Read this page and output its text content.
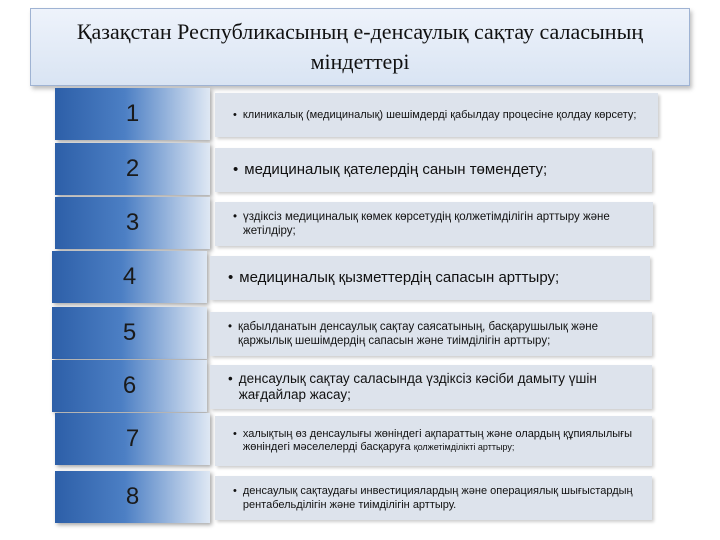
Қазақстан Республикасының е-денсаулық сақтау саласының
міндеттері
1	• клиникалық (медициналық) шешімдерді қабылдау процесіне қолдау көрсету;
2	• медициналық қателердің санын төмендету;
3	• үздіксіз медициналық көмек көрсетудің қолжетімділігін арттыру және жетілдіру;
4	• медициналық қызметтердің сапасын арттыру;
5	• қабылданатын денсаулық сақтау саясатының, басқарушылық және қаржылық шешімдердің сапасын және тиімділігін арттыру;
6	• денсаулық сақтау саласында үздіксіз кәсіби дамыту үшін жағдайлар жасау;
7	• халықтың өз денсаулығы жөніндегі ақпараттың және олардың құпиялылығы жөніндегі мәселелерді басқаруға қолжетімділікті арттыру;
8	• денсаулық сақтаудағы инвестициялардың және операциялық шығыстардың рентабельділігін және тиімділігін арттыру.
